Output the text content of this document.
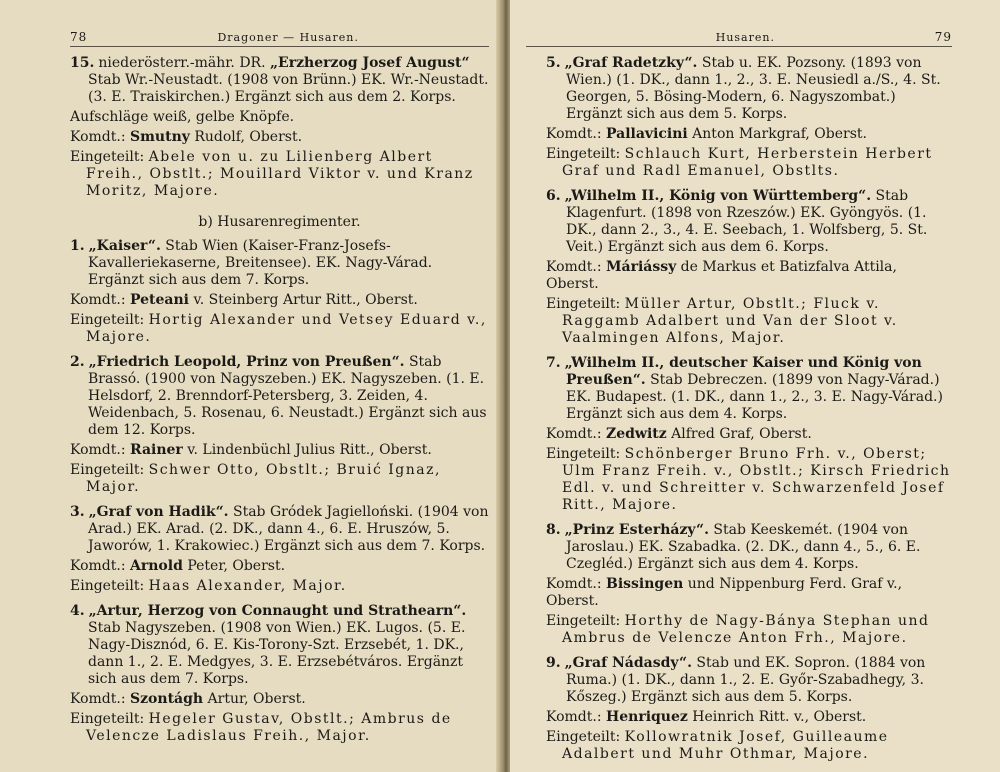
78	Dragoner — Husaren.

15. niederösterr.-mähr. DR. „Erzherzog Josef August“ Stab Wr.-Neustadt. (1908 von Brünn.) EK. Wr.-Neustadt. (3. E. Traiskirchen.) Ergänzt sich aus dem 2. Korps.

Aufschläge weiß, gelbe Knöpfe.

Komdt.: Smutny Rudolf, Oberst.

Eingeteilt: Abele von u. zu Lilienberg Albert Freih., Obstlt.; Mouillard Viktor v. und Kranz Moritz, Majore.

b) Husarenregimenter.

1. „Kaiser“. Stab Wien (Kaiser-Franz-Josefs-Kavalleriekaserne, Breitensee). EK. Nagy-Várad. Ergänzt sich aus dem 7. Korps.

Komdt.: Peteani v. Steinberg Artur Ritt., Oberst.

Eingeteilt: Hortig Alexander und Vetsey Eduard v., Majore.

2. „Friedrich Leopold, Prinz von Preußen“. Stab Brassó. (1900 von Nagyszeben.) EK. Nagyszeben. (1. E. Helsdorf, 2. Brenndorf-Petersberg, 3. Zeiden, 4. Weidenbach, 5. Rosenau, 6. Neustadt.) Ergänzt sich aus dem 12. Korps.

Komdt.: Rainer v. Lindenbüchl Julius Ritt., Oberst.

Eingeteilt: Schwer Otto, Obstlt.; Bruić Ignaz, Major.

3. „Graf von Hadik“. Stab Gródek Jagielloński. (1904 von Arad.) EK. Arad. (2. DK., dann 4., 6. E. Hruszów, 5. Jaworów, 1. Krakowiec.) Ergänzt sich aus dem 7. Korps.

Komdt.: Arnold Peter, Oberst.

Eingeteilt: Haas Alexander, Major.

4. „Artur, Herzog von Connaught und Strathearn“. Stab Nagyszeben. (1908 von Wien.) EK. Lugos. (5. E. Nagy-Disznód, 6. E. Kis-Torony-Szt. Erzsebét, 1. DK., dann 1., 2. E. Medgyes, 3. E. Erzsebétváros. Ergänzt sich aus dem 7. Korps.

Komdt.: Szontágh Artur, Oberst.

Eingeteilt: Hegeler Gustav, Obstlt.; Ambrus de Velencze Ladislaus Freih., Major.

Husaren.	79

5. „Graf Radetzky“. Stab u. EK. Pozsony. (1893 von Wien.) (1. DK., dann 1., 2., 3. E. Neusiedl a./S., 4. St. Georgen, 5. Bösing-Modern, 6. Nagyszombat.) Ergänzt sich aus dem 5. Korps.

Komdt.: Pallavicini Anton Markgraf, Oberst.

Eingeteilt: Schlauch Kurt, Herberstein Herbert Graf und Radl Emanuel, Obstlts.

6. „Wilhelm II., König von Württemberg“. Stab Klagenfurt. (1898 von Rzeszów.) EK. Gyöngyös. (1. DK., dann 2., 3., 4. E. Seebach, 1. Wolfsberg, 5. St. Veit.) Ergänzt sich aus dem 6. Korps.

Komdt.: Máriássy de Markus et Batizfalva Attila, Oberst.

Eingeteilt: Müller Artur, Obstlt.; Fluck v. Raggamb Adalbert und Van der Sloot v. Vaalmingen Alfons, Major.

7. „Wilhelm II., deutscher Kaiser und König von Preußen“. Stab Debreczen. (1899 von Nagy-Várad.) EK. Budapest. (1. DK., dann 1., 2., 3. E. Nagy-Várad.) Ergänzt sich aus dem 4. Korps.

Komdt.: Zedwitz Alfred Graf, Oberst.

Eingeteilt: Schönberger Bruno Frh. v., Oberst; Ulm Franz Freih. v., Obstlt.; Kirsch Friedrich Edl. v. und Schreitter v. Schwarzenfeld Josef Ritt., Majore.

8. „Prinz Esterházy“. Stab Keeskemét. (1904 von Jaroslau.) EK. Szabadka. (2. DK., dann 4., 5., 6. E. Czegléd.) Ergänzt sich aus dem 4. Korps.

Komdt.: Bissingen und Nippenburg Ferd. Graf v., Oberst.

Eingeteilt: Horthy de Nagy-Bánya Stephan und Ambrus de Velencze Anton Frh., Majore.

9. „Graf Nádasdy“. Stab und EK. Sopron. (1884 von Ruma.) (1. DK., dann 1., 2. E. Győr-Szabadhegy, 3. Kőszeg.) Ergänzt sich aus dem 5. Korps.

Komdt.: Henriquez Heinrich Ritt. v., Oberst.

Eingeteilt: Kollowratnik Josef, Guilleaume Adalbert und Muhr Othmar, Majore.
